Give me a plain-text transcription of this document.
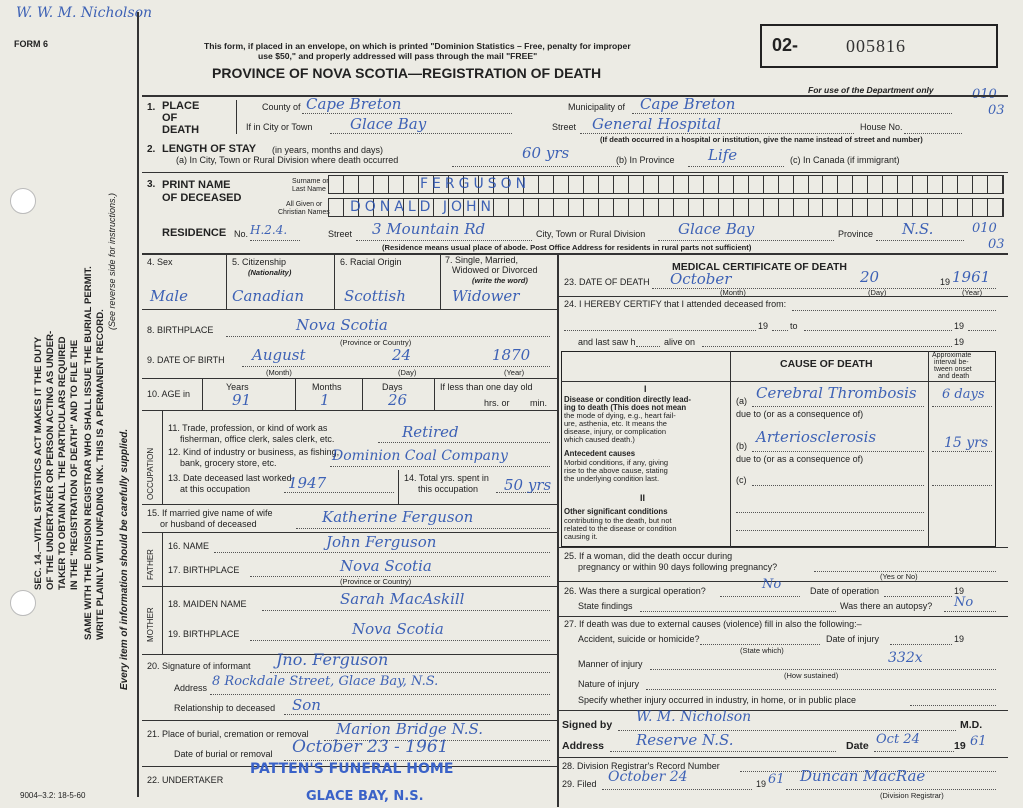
W. W. M. Nicholson
FORM 6
SEC. 14.—VITAL STATISTICS ACT MAKES IT THE DUTY OF THE UNDERTAKER OR PERSON ACTING AS UNDER- TAKER TO OBTAIN ALL THE PARTICULARS REQUIRED IN THE "REGISTRATION OF DEATH" AND TO FILE THE SAME WITH THE DIVISION REGISTRAR WHO SHALL ISSUE THE BURIAL PERMIT. WRITE PLAINLY WITH UNFADING INK. THIS IS A PERMANENT RECORD.
(See reverse side for instructions.)
Every item of information should be carefully supplied.
This form, if placed in an envelope, on which is printed "Dominion Statistics – Free, penalty for improper
use $50," and properly addressed will pass through the mail "FREE"
PROVINCE OF NOVA SCOTIA—REGISTRATION OF DEATH
02-	005816
For use of the Department only	010
03
1. PLACE
OF
DEATH
County of Cape Breton	Municipality of Cape Breton
If in City or Town	Glace Bay	Street General Hospital	House No.
(If death occurred in a hospital or institution, give the name instead of street and number)
2. LENGTH OF STAY (in years, months and days)
(a) In City, Town or Rural Division where death occurred	60 yrs	(b) In Province Life	(c) In Canada (if immigrant)
3. PRINT NAME
OF DECEASED
Surname or
Last Name
All Given or
Christian Names
FERGUSON
DONALD JOHN
RESIDENCE No. H.2.4.	Street 3 Mountain Rd	City, Town or Rural Division Glace Bay	Province N.S.	010
03
(Residence means usual place of abode. Post Office Address for residents in rural parts not sufficient)
4. Sex	5. Citizenship
(Nationality)
6. Racial Origin	7. Single, Married,
Widowed or Divorced
(write the word)
Male	Canadian	Scottish	Widower
8. BIRTHPLACE	Nova Scotia
(Province or Country)
9. DATE OF BIRTH August	24	1870
(Month)	(Day)	(Year)
10. AGE in
Years	Months	Days
91	1	26
If less than one day old
hrs. or min.
OCCUPATION
11. Trade, profession, or kind of work as
fisherman, office clerk, sales clerk, etc.	Retired
12. Kind of industry or business, as fishing,
bank, grocery store, etc.	Dominion Coal Company
13. Date deceased last worked
at this occupation	1947	14. Total yrs. spent in
this occupation 50 yrs
15. If married give name of wife
or husband of deceased	Katherine Ferguson
FATHER
16. NAME	John Ferguson
17. BIRTHPLACE	Nova Scotia
(Province or Country)
MOTHER
18. MAIDEN NAME	Sarah MacAskill
19. BIRTHPLACE	Nova Scotia
20. Signature of informant Jno. Ferguson
Address 8 Rockdale Street, Glace Bay, N.S.
Relationship to deceased Son
21. Place of burial, cremation or removal Marion Bridge N.S.
Date of burial or removal October 23 - 1961
22. UNDERTAKER
PATTEN'S FUNERAL HOME
GLACE BAY, N.S.
9004–3.2: 18-5-60
MEDICAL CERTIFICATE OF DEATH
23. DATE OF DEATH October	20	19 1961
(Month)	(Day)	(Year)
24. I HEREBY CERTIFY that I attended deceased from:
19 to	19
and last saw h	alive on	19
CAUSE OF DEATH
Approximate
interval be-
tween onset
and death
I
Disease or condition directly lead-
ing to death (This does not mean
the mode of dying, e.g., heart fail-
ure, asthenia, etc. It means the
disease, injury, or complication
which caused death.)
(a) Cerebral Thrombosis 6 days
due to (or as a consequence of)
Antecedent causes
Morbid conditions, if any, giving
rise to the above cause, stating
the underlying condition last.
(b) Arteriosclerosis	15 yrs
due to (or as a consequence of)
(c)
II
Other significant conditions
contributing to the death, but not
related to the disease or condition
causing it.
25. If a woman, did the death occur during
pregnancy or within 90 days following pregnancy?
(Yes or No)
26. Was there a surgical operation?	No	Date of operation	19
State findings	Was there an autopsy? No
27. If death was due to external causes (violence) fill in also the following:–
Accident, suicide or homicide?	Date of injury	19
(State which)
Manner of injury	332x
(How sustained)
Nature of injury
Specify whether injury occurred in industry, in home, or in public place
Signed by W. M. Nicholson	M.D.
Address Reserve N.S.	Date Oct 24	19 61
28. Division Registrar's Record Number
29. Filed October 24	19 61 Duncan MacRae
(Division Registrar)
